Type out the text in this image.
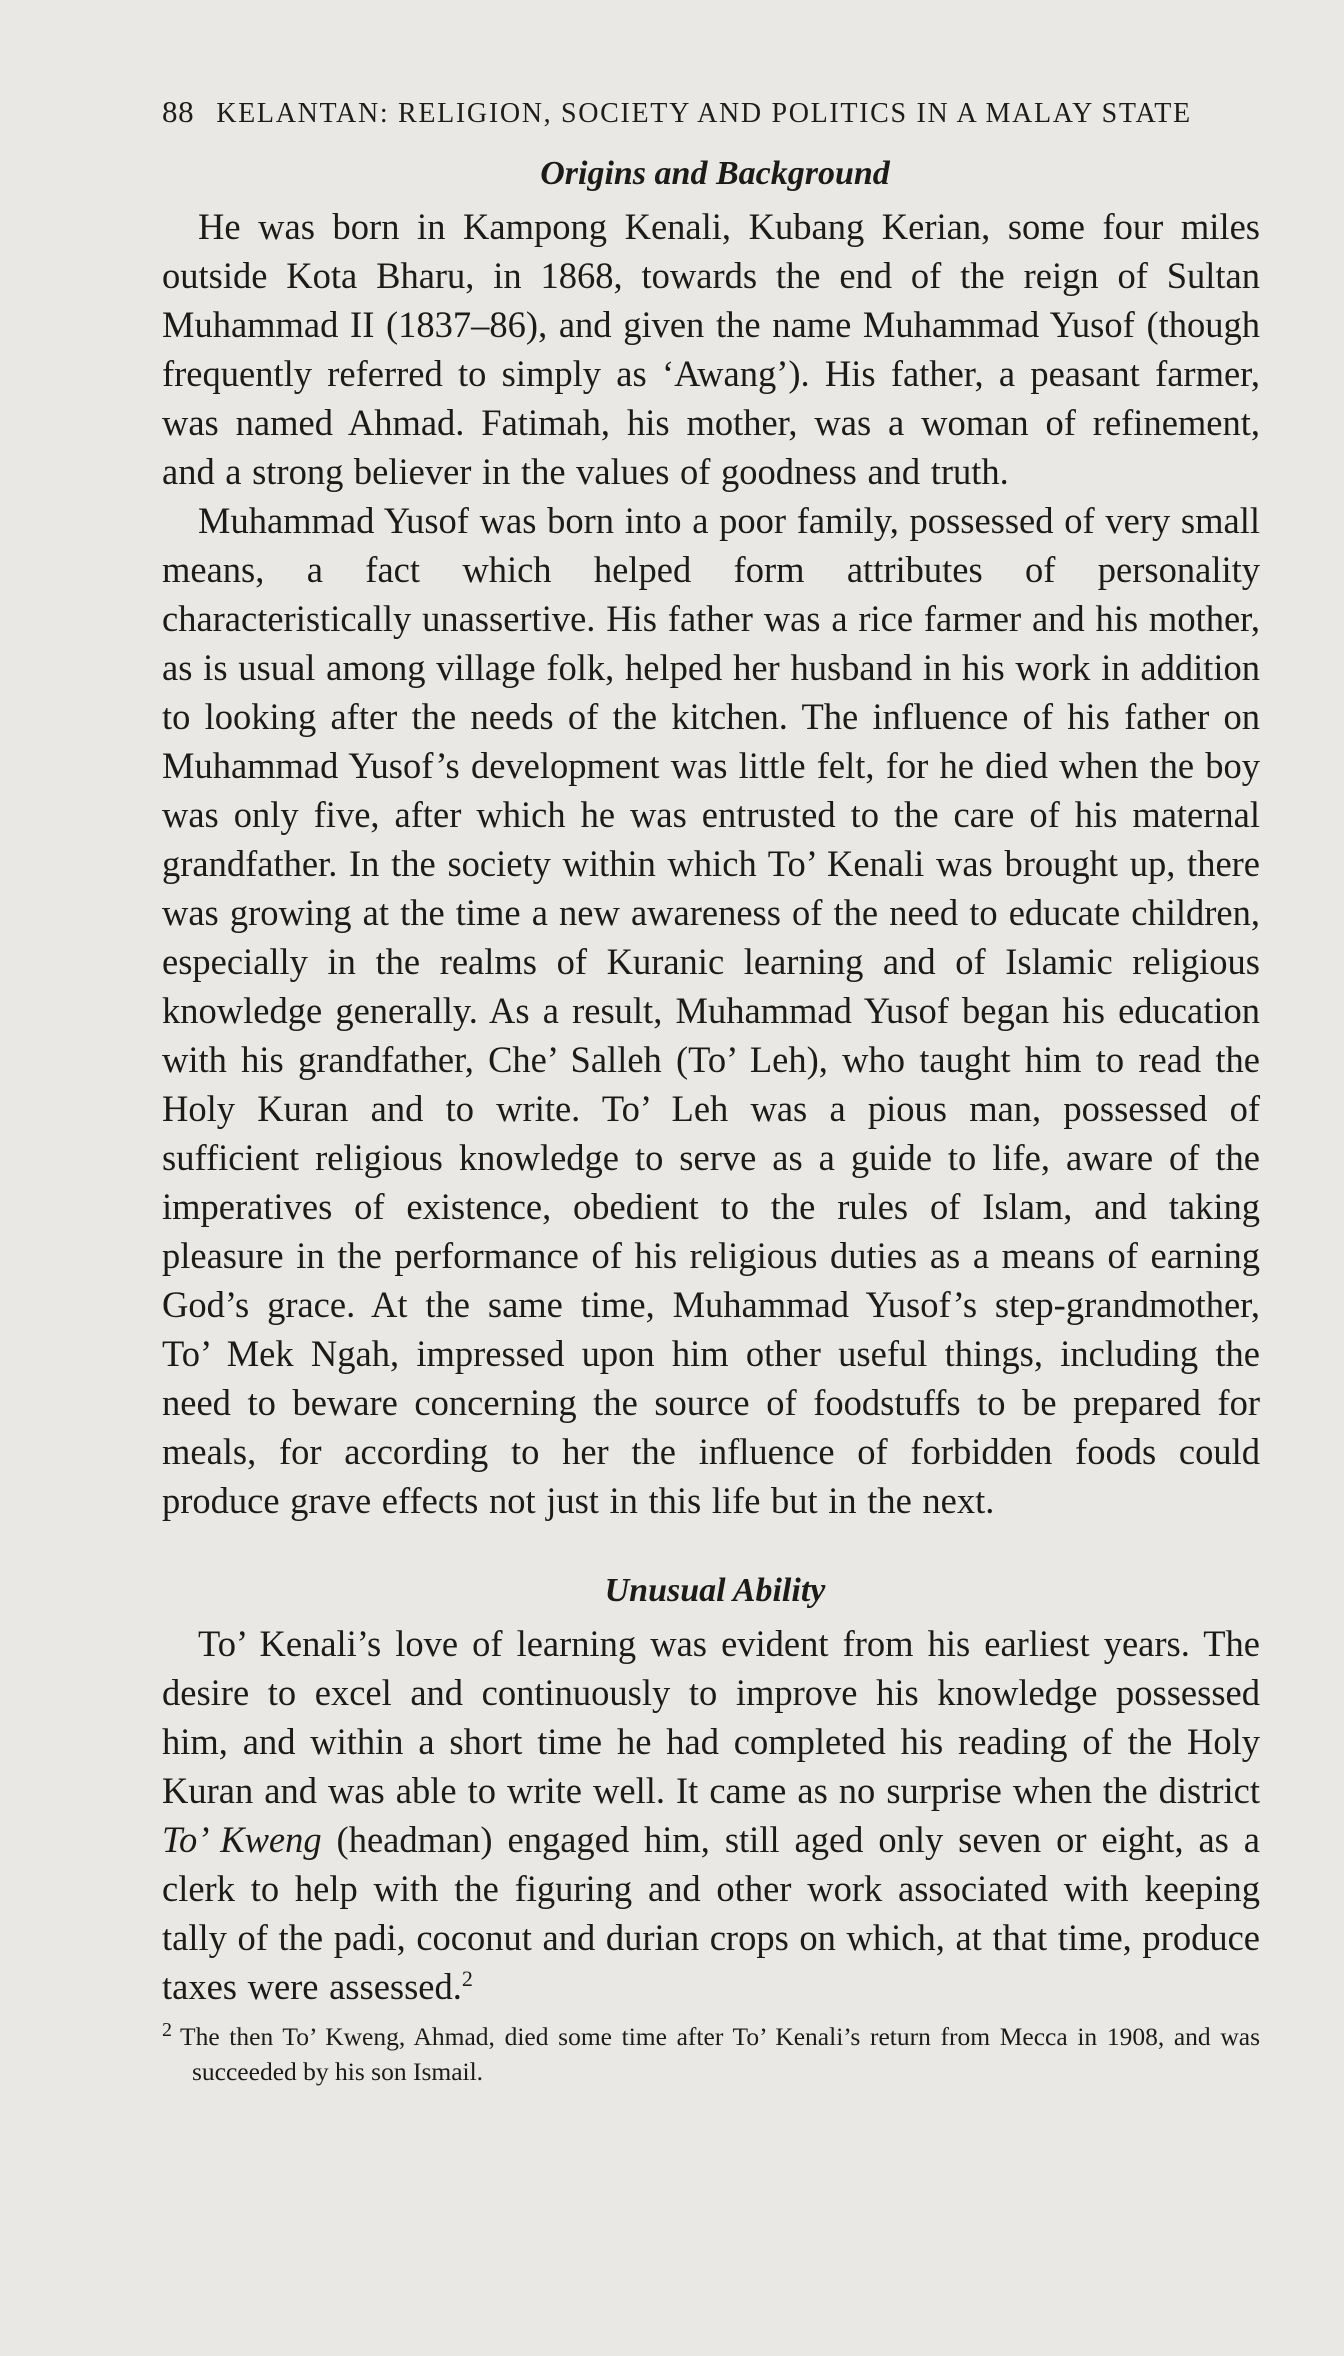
88 KELANTAN: RELIGION, SOCIETY AND POLITICS IN A MALAY STATE
Origins and Background

He was born in Kampong Kenali, Kubang Kerian, some four miles outside Kota Bharu, in 1868, towards the end of the reign of Sultan Muhammad II (1837–86), and given the name Muhammad Yusof (though frequently referred to simply as ‘Awang’). His father, a peasant farmer, was named Ahmad. Fatimah, his mother, was a woman of refinement, and a strong believer in the values of goodness and truth.

Muhammad Yusof was born into a poor family, possessed of very small means, a fact which helped form attributes of personality characteristically unassertive. His father was a rice farmer and his mother, as is usual among village folk, helped her husband in his work in addition to looking after the needs of the kitchen. The influence of his father on Muhammad Yusof’s development was little felt, for he died when the boy was only five, after which he was entrusted to the care of his maternal grandfather. In the society within which To’ Kenali was brought up, there was growing at the time a new awareness of the need to educate children, especially in the realms of Kuranic learning and of Islamic religious knowledge generally. As a result, Muhammad Yusof began his education with his grandfather, Che’ Salleh (To’ Leh), who taught him to read the Holy Kuran and to write. To’ Leh was a pious man, possessed of sufficient religious knowledge to serve as a guide to life, aware of the imperatives of existence, obedient to the rules of Islam, and taking pleasure in the performance of his religious duties as a means of earning God’s grace. At the same time, Muhammad Yusof’s step-grandmother, To’ Mek Ngah, impressed upon him other useful things, including the need to beware concerning the source of foodstuffs to be prepared for meals, for according to her the influence of forbidden foods could produce grave effects not just in this life but in the next.

Unusual Ability

To’ Kenali’s love of learning was evident from his earliest years. The desire to excel and continuously to improve his knowledge possessed him, and within a short time he had completed his reading of the Holy Kuran and was able to write well. It came as no surprise when the district To’ Kweng (headman) engaged him, still aged only seven or eight, as a clerk to help with the figuring and other work associated with keeping tally of the padi, coconut and durian crops on which, at that time, produce taxes were assessed.$^2$

$^2$ The then To’ Kweng, Ahmad, died some time after To’ Kenali’s return from Mecca in 1908, and was succeeded by his son Ismail.
